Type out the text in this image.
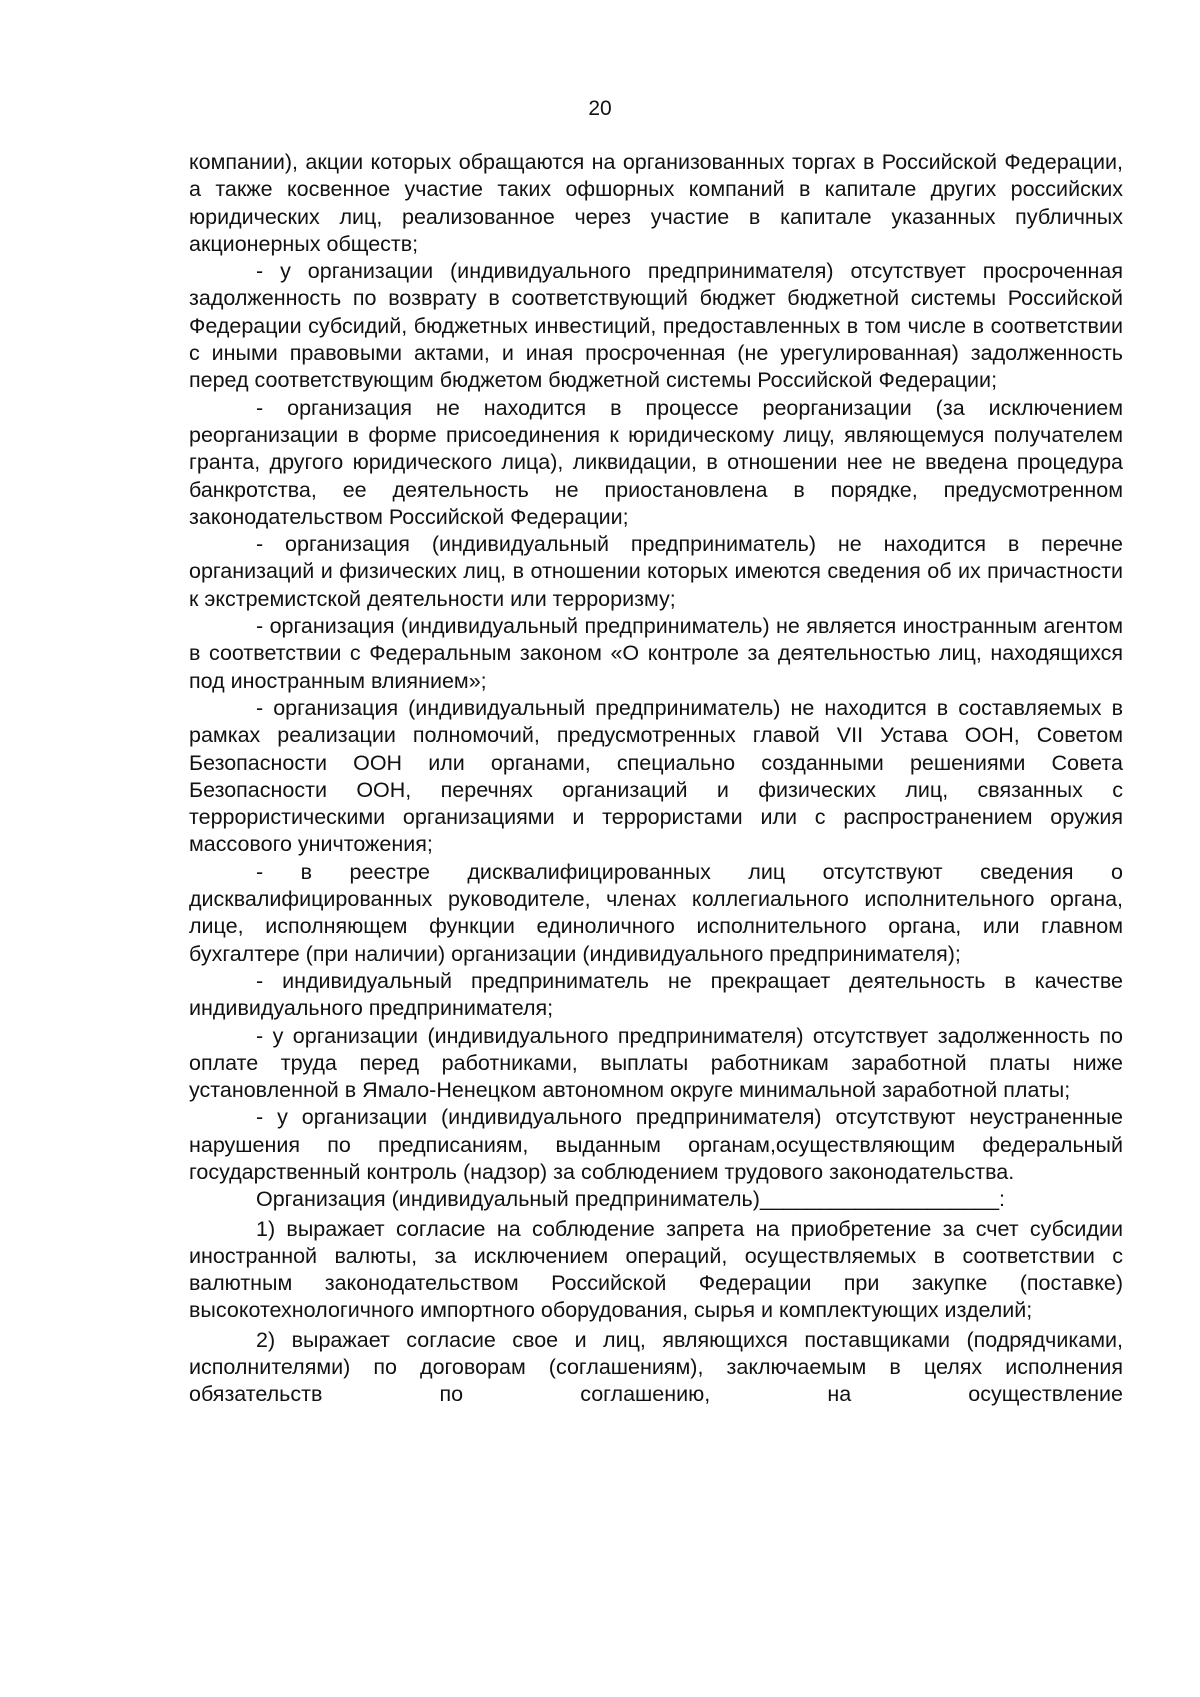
20

компании), акции которых обращаются на организованных торгах в Российской Федерации, а также косвенное участие таких офшорных компаний в капитале других российских юридических лиц, реализованное через участие в капитале указанных публичных акционерных обществ;

- у организации (индивидуального предпринимателя) отсутствует просроченная задолженность по возврату в соответствующий бюджет бюджетной системы Российской Федерации субсидий, бюджетных инвестиций, предоставленных в том числе в соответствии с иными правовыми актами, и иная просроченная (не урегулированная) задолженность перед соответствующим бюджетом бюджетной системы Российской Федерации;

- организация не находится в процессе реорганизации (за исключением реорганизации в форме присоединения к юридическому лицу, являющемуся получателем гранта, другого юридического лица), ликвидации, в отношении нее не введена процедура банкротства, ее деятельность не приостановлена в порядке, предусмотренном законодательством Российской Федерации;

- организация (индивидуальный предприниматель) не находится в перечне организаций и физических лиц, в отношении которых имеются сведения об их причастности к экстремистской деятельности или терроризму;

- организация (индивидуальный предприниматель) не является иностранным агентом в соответствии с Федеральным законом «О контроле за деятельностью лиц, находящихся под иностранным влиянием»;

- организация (индивидуальный предприниматель) не находится в составляемых в рамках реализации полномочий, предусмотренных главой VII Устава ООН, Советом Безопасности ООН или органами, специально созданными решениями Совета Безопасности ООН, перечнях организаций и физических лиц, связанных с террористическими организациями и террористами или с распространением оружия массового уничтожения;

- в реестре дисквалифицированных лиц отсутствуют сведения о дисквалифицированных руководителе, членах коллегиального исполнительного органа, лице, исполняющем функции единоличного исполнительного органа, или главном бухгалтере (при наличии) организации (индивидуального предпринимателя);

- индивидуальный предприниматель не прекращает деятельность в качестве индивидуального предпринимателя;

- у организации (индивидуального предпринимателя) отсутствует задолженность по оплате труда перед работниками, выплаты работникам заработной платы ниже установленной в Ямало-Ненецком автономном округе минимальной заработной платы;

- у организации (индивидуального предпринимателя) отсутствуют неустраненные нарушения по предписаниям, выданным органам,осуществляющим федеральный государственный контроль (надзор) за соблюдением трудового законодательства.

Организация (индивидуальный предприниматель)____________________:

1) выражает согласие на соблюдение запрета на приобретение за счет субсидии иностранной валюты, за исключением операций, осуществляемых в соответствии с валютным законодательством Российской Федерации при закупке (поставке) высокотехнологичного импортного оборудования, сырья и комплектующих изделий;

2) выражает согласие свое и лиц, являющихся поставщиками (подрядчиками, исполнителями) по договорам (соглашениям), заключаемым в целях исполнения обязательств по соглашению, на осуществление
